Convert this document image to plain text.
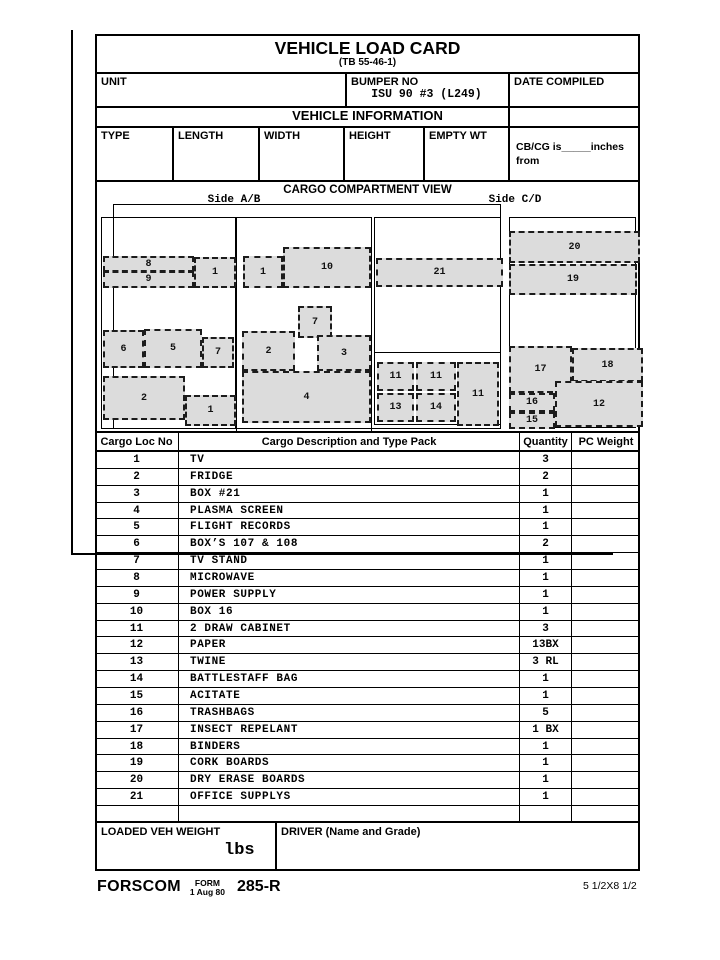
VEHICLE LOAD CARD
(TB 55-46-1)
UNIT	BUMPER NO
ISU 90 #3 (L249)
DATE COMPILED
VEHICLE INFORMATION
TYPE	LENGTH	WIDTH	HEIGHT	EMPTY WT
CB/CG is_____inches
from
CARGO COMPARTMENT VIEW
Side A/B	Side C/D
8
9
1	1	10
7
6	5	7	2	3
4
2
1
21
11	11
11
13	14
20
19
17	18
16
15
12
Cargo Loc No	Cargo Description and Type Pack	Quantity PC Weight
1	TV	3
2	FRIDGE	2
3	BOX #21	1
4	PLASMA SCREEN	1
5	FLIGHT RECORDS	1
6	BOX’S 107 & 108	2
7	TV STAND	1
8	MICROWAVE	1
9	POWER SUPPLY	1
10	BOX 16	1
11	2 DRAW CABINET	3
12	PAPER	13BX
13	TWINE	3 RL
14	BATTLESTAFF BAG	1
15	ACITATE	1
16	TRASHBAGS	5
17	INSECT REPELANT	1 BX
18	BINDERS	1
19	CORK BOARDS	1
20	DRY ERASE BOARDS	1
21	OFFICE SUPPLYS	1
LOADED VEH WEIGHT
lbs
DRIVER (Name and Grade)
FORSCOM	FORM
1 Aug 80 285-R	5 1/2X8 1/2
